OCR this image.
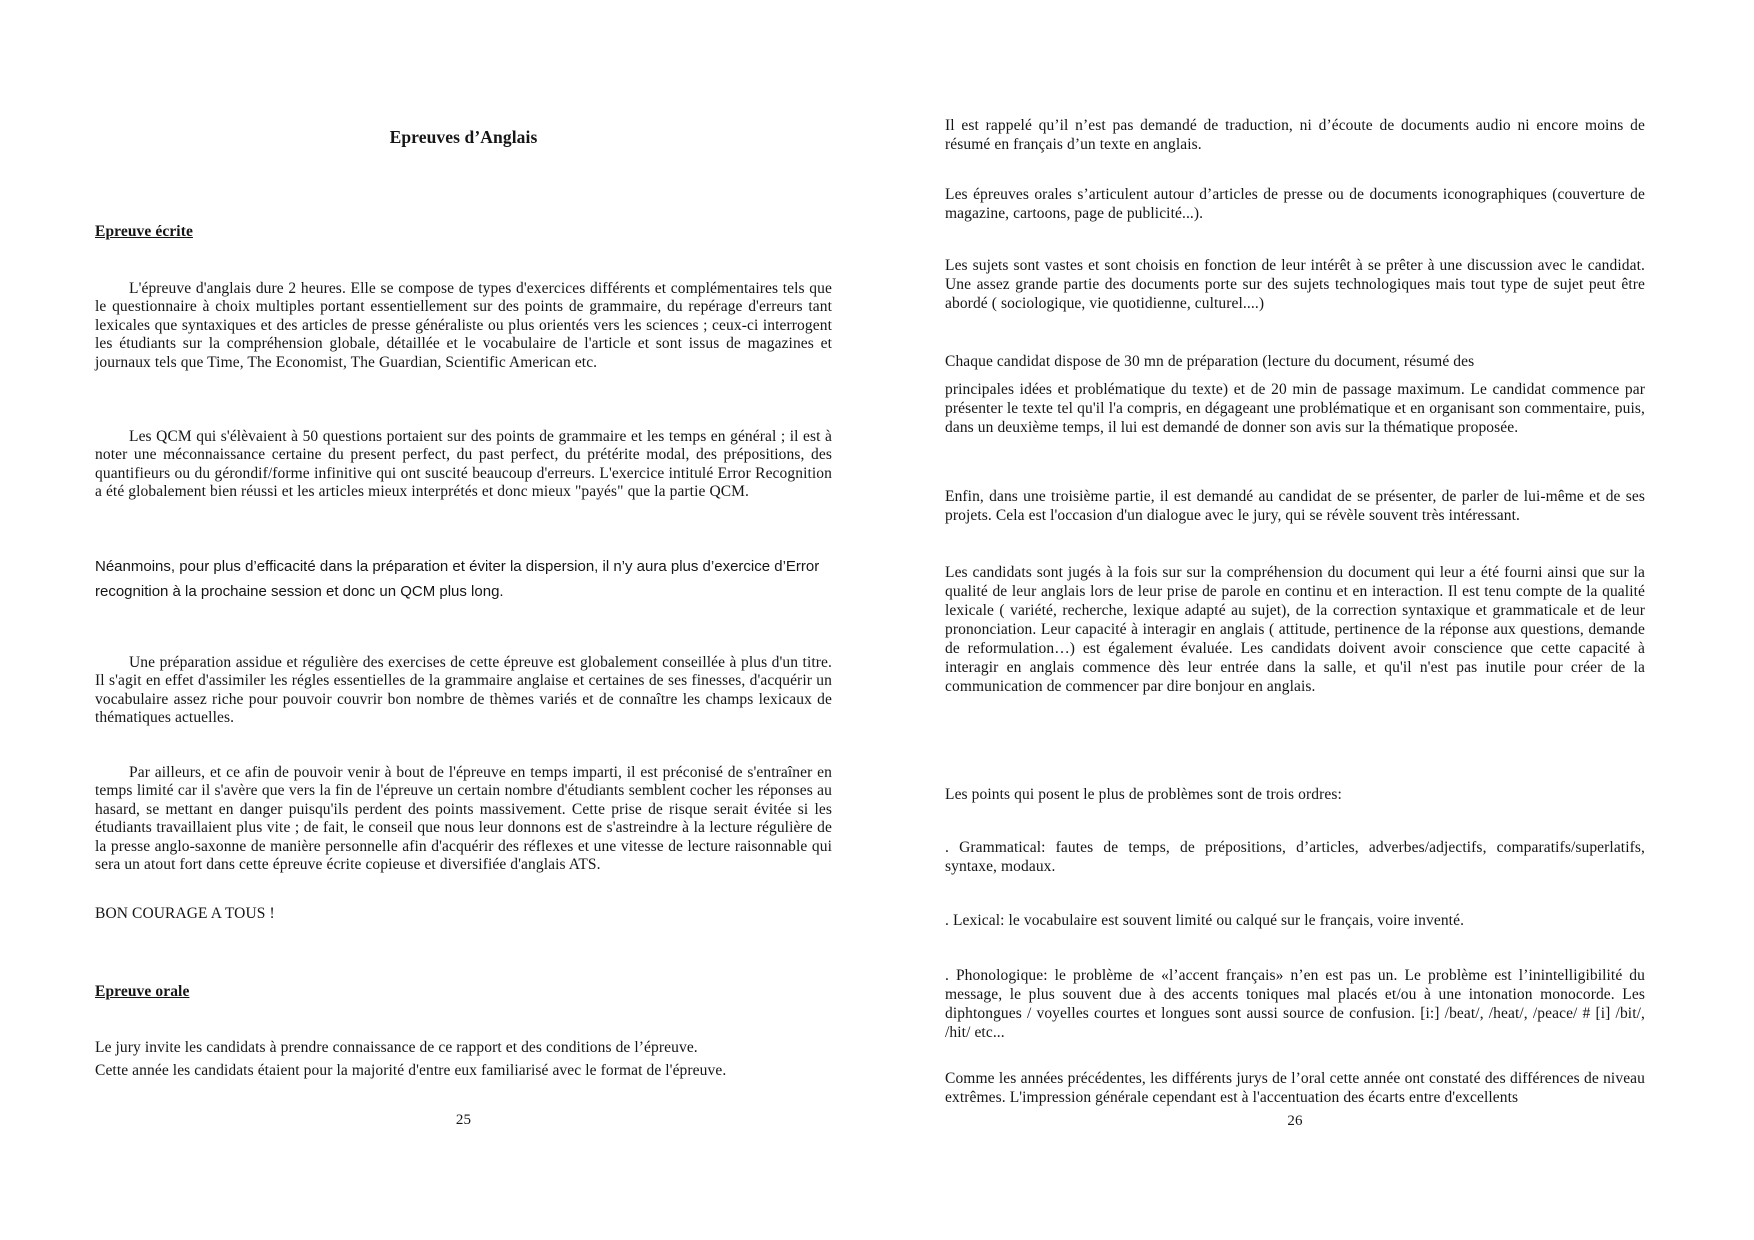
Epreuves d’Anglais
Epreuve écrite

L'épreuve d'anglais dure 2 heures. Elle se compose de types d'exercices différents et complémentaires tels que le questionnaire à choix multiples portant essentiellement sur des points de grammaire, du repérage d'erreurs tant lexicales que syntaxiques et des articles de presse généraliste ou plus orientés vers les sciences ; ceux-ci interrogent les étudiants sur la compréhension globale, détaillée et le vocabulaire de l'article et sont issus de magazines et journaux tels que Time, The Economist, The Guardian, Scientific American etc.

Les QCM qui s'élèvaient à 50 questions portaient sur des points de grammaire et les temps en général ; il est à noter une méconnaissance certaine du present perfect, du past perfect, du prétérite modal, des prépositions, des quantifieurs ou du gérondif/forme infinitive qui ont suscité beaucoup d'erreurs. L'exercice intitulé Error Recognition a été globalement bien réussi et les articles mieux interprétés et donc mieux "payés" que la partie QCM.

Néanmoins, pour plus d’efficacité dans la préparation et éviter la dispersion, il n’y aura plus d’exercice d’Error recognition à la prochaine session et donc un QCM plus long.

Une préparation assidue et régulière des exercises de cette épreuve est globalement conseillée à plus d'un titre. Il s'agit en effet d'assimiler les régles essentielles de la grammaire anglaise et certaines de ses finesses, d'acquérir un vocabulaire assez riche pour pouvoir couvrir bon nombre de thèmes variés et de connaître les champs lexicaux de thématiques actuelles.

Par ailleurs, et ce afin de pouvoir venir à bout de l'épreuve en temps imparti, il est préconisé de s'entraîner en temps limité car il s'avère que vers la fin de l'épreuve un certain nombre d'étudiants semblent cocher les réponses au hasard, se mettant en danger puisqu'ils perdent des points massivement. Cette prise de risque serait évitée si les étudiants travaillaient plus vite ; de fait, le conseil que nous leur donnons est de s'astreindre à la lecture régulière de la presse anglo-saxonne de manière personnelle afin d'acquérir des réflexes et une vitesse de lecture raisonnable qui sera un atout fort dans cette épreuve écrite copieuse et diversifiée d'anglais ATS.

BON COURAGE A TOUS !

Epreuve orale

Le jury invite les candidats à prendre connaissance de ce rapport et des conditions de l’épreuve.

Cette année les candidats étaient pour la majorité d'entre eux familiarisé avec le format de l'épreuve.

25

Il est rappelé qu’il n’est pas demandé de traduction, ni d’écoute de documents audio ni encore moins de résumé en français d’un texte en anglais.

Les épreuves orales s’articulent autour d’articles de presse ou de documents iconographiques (couverture de magazine, cartoons, page de publicité...).

Les sujets sont vastes et sont choisis en fonction de leur intérêt à se prêter à une discussion avec le candidat. Une assez grande partie des documents porte sur des sujets technologiques mais tout type de sujet peut être abordé ( sociologique, vie quotidienne, culturel....)

Chaque candidat dispose de 30 mn de préparation (lecture du document, résumé des

principales idées et problématique du texte) et de 20 min de passage maximum. Le candidat commence par présenter le texte tel qu'il l'a compris, en dégageant une problématique et en organisant son commentaire, puis, dans un deuxième temps, il lui est demandé de donner son avis sur la thématique proposée.

Enfin, dans une troisième partie, il est demandé au candidat de se présenter, de parler de lui-même et de ses projets. Cela est l'occasion d'un dialogue avec le jury, qui se révèle souvent très intéressant.

Les candidats sont jugés à la fois sur sur la compréhension du document qui leur a été fourni ainsi que sur la qualité de leur anglais lors de leur prise de parole en continu et en interaction. Il est tenu compte de la qualité lexicale ( variété, recherche, lexique adapté au sujet), de la correction syntaxique et grammaticale et de leur prononciation. Leur capacité à interagir en anglais ( attitude, pertinence de la réponse aux questions, demande de reformulation…) est également évaluée. Les candidats doivent avoir conscience que cette capacité à interagir en anglais commence dès leur entrée dans la salle, et qu'il n'est pas inutile pour créer de la communication de commencer par dire bonjour en anglais.

Les points qui posent le plus de problèmes sont de trois ordres:

. Grammatical: fautes de temps, de prépositions, d’articles, adverbes/adjectifs, comparatifs/superlatifs, syntaxe, modaux.

. Lexical: le vocabulaire est souvent limité ou calqué sur le français, voire inventé.

. Phonologique: le problème de «l’accent français» n’en est pas un. Le problème est l’inintelligibilité du message, le plus souvent due à des accents toniques mal placés et/ou à une intonation monocorde. Les diphtongues / voyelles courtes et longues sont aussi source de confusion. [i:] /beat/, /heat/, /peace/ # [i] /bit/, /hit/ etc...

Comme les années précédentes, les différents jurys de l’oral cette année ont constaté des différences de niveau extrêmes. L'impression générale cependant est à l'accentuation des écarts entre d'excellents

26
